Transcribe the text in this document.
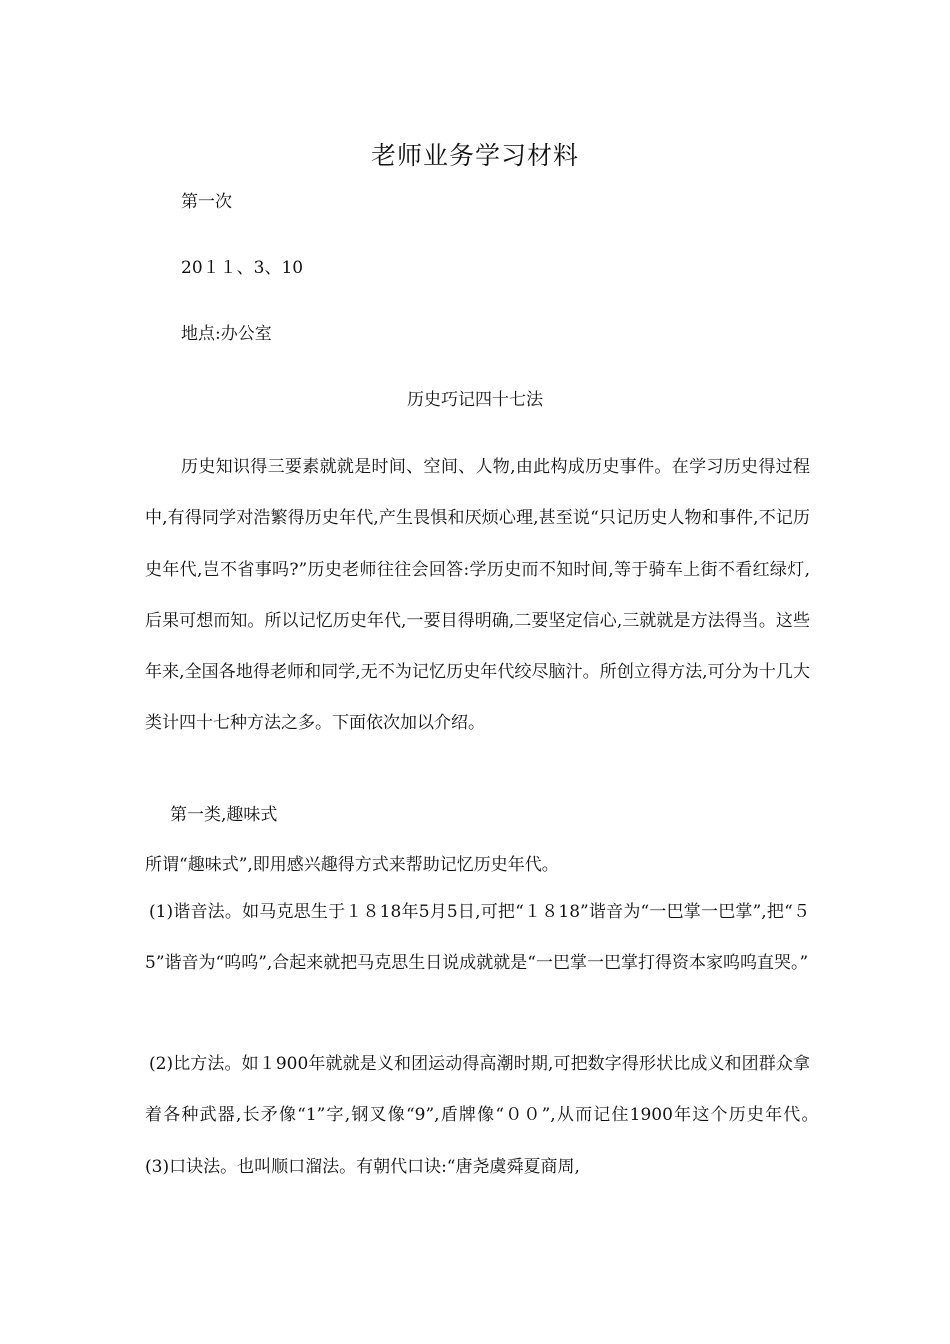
老师业务学习材料
第一次
20１１、3、10
地点:办公室
历史巧记四十七法
历史知识得三要素就就是时间、空间、人物,由此构成历史事件。在学习历史得过程中,有得同学对浩繁得历史年代,产生畏惧和厌烦心理,甚至说“只记历史人物和事件,不记历史年代,岂不省事吗?”历史老师往往会回答:学历史而不知时间,等于骑车上街不看红绿灯,后果可想而知。所以记忆历史年代,一要目得明确,二要坚定信心,三就就是方法得当。这些年来,全国各地得老师和同学,无不为记忆历史年代绞尽脑汁。所创立得方法,可分为十几大类计四十七种方法之多。下面依次加以介绍。
第一类,趣味式
所谓“趣味式”,即用感兴趣得方式来帮助记忆历史年代。
(1)谐音法。如马克思生于１８18年5月5日,可把“１８18”谐音为“一巴掌一巴掌”,把“５5”谐音为“呜呜”,合起来就把马克思生日说成就就是“一巴掌一巴掌打得资本家呜呜直哭。”
(2)比方法。如１900年就就是义和团运动得高潮时期,可把数字得形状比成义和团群众拿着各种武器,长矛像“1”字,钢叉像“9”,盾牌像“００”,从而记住1900年这个历史年代。　 (3)口诀法。也叫顺口溜法。有朝代口诀:“唐尧虞舜夏商周,
